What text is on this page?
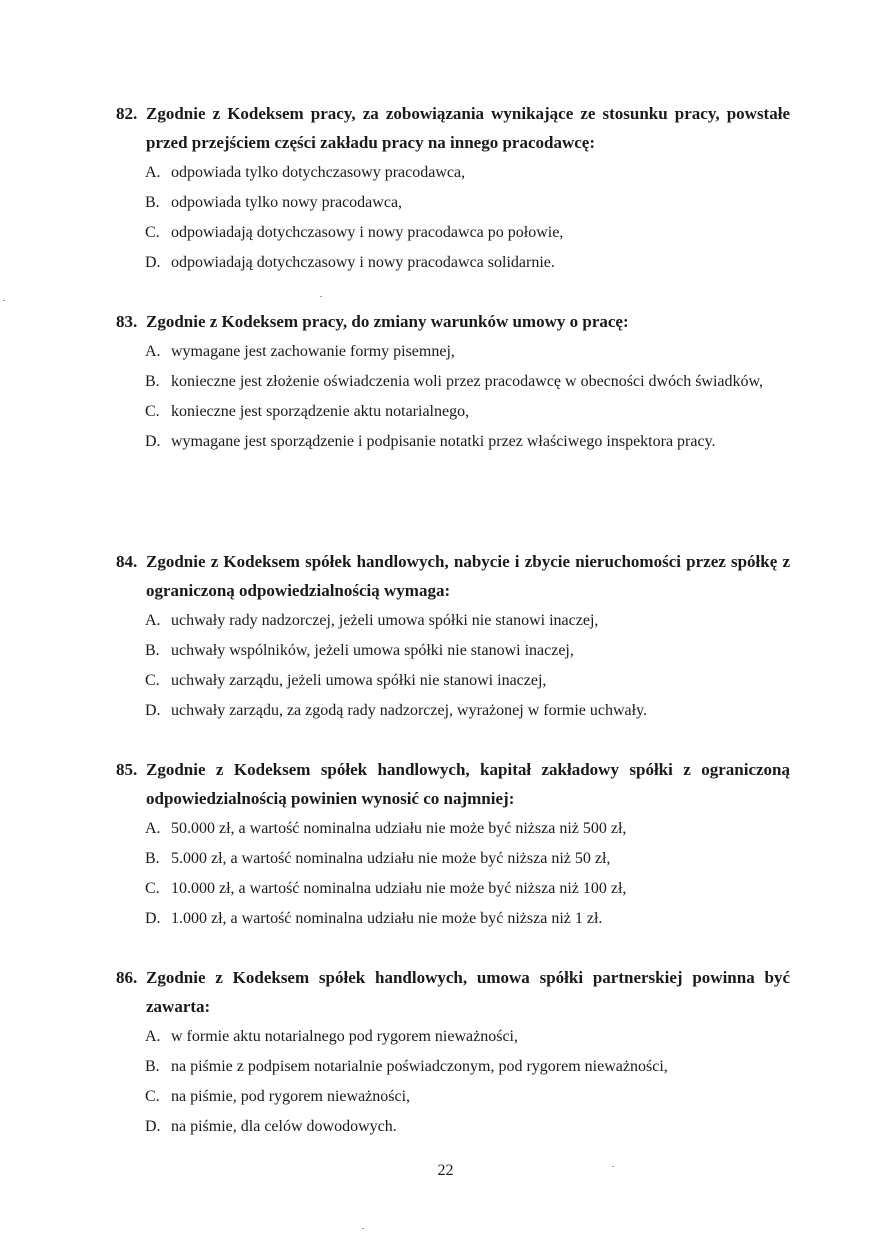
82. Zgodnie z Kodeksem pracy, za zobowiązania wynikające ze stosunku pracy, powstałe przed przejściem części zakładu pracy na innego pracodawcę:
A. odpowiada tylko dotychczasowy pracodawca,
B. odpowiada tylko nowy pracodawca,
C. odpowiadają dotychczasowy i nowy pracodawca po połowie,
D. odpowiadają dotychczasowy i nowy pracodawca solidarnie.
83. Zgodnie z Kodeksem pracy, do zmiany warunków umowy o pracę:
A. wymagane jest zachowanie formy pisemnej,
B. konieczne jest złożenie oświadczenia woli przez pracodawcę w obecności dwóch świadków,
C. konieczne jest sporządzenie aktu notarialnego,
D. wymagane jest sporządzenie i podpisanie notatki przez właściwego inspektora pracy.
84. Zgodnie z Kodeksem spółek handlowych, nabycie i zbycie nieruchomości przez spółkę z ograniczoną odpowiedzialnością wymaga:
A. uchwały rady nadzorczej, jeżeli umowa spółki nie stanowi inaczej,
B. uchwały wspólników, jeżeli umowa spółki nie stanowi inaczej,
C. uchwały zarządu, jeżeli umowa spółki nie stanowi inaczej,
D. uchwały zarządu, za zgodą rady nadzorczej, wyrażonej w formie uchwały.
85. Zgodnie z Kodeksem spółek handlowych, kapitał zakładowy spółki z ograniczoną odpowiedzialnością powinien wynosić co najmniej:
A. 50.000 zł, a wartość nominalna udziału nie może być niższa niż 500 zł,
B. 5.000 zł, a wartość nominalna udziału nie może być niższa niż 50 zł,
C. 10.000 zł, a wartość nominalna udziału nie może być niższa niż 100 zł,
D. 1.000 zł, a wartość nominalna udziału nie może być niższa niż 1 zł.
86. Zgodnie z Kodeksem spółek handlowych, umowa spółki partnerskiej powinna być zawarta:
A. w formie aktu notarialnego pod rygorem nieważności,
B. na piśmie z podpisem notarialnie poświadczonym, pod rygorem nieważności,
C. na piśmie, pod rygorem nieważności,
D. na piśmie, dla celów dowodowych.
22
